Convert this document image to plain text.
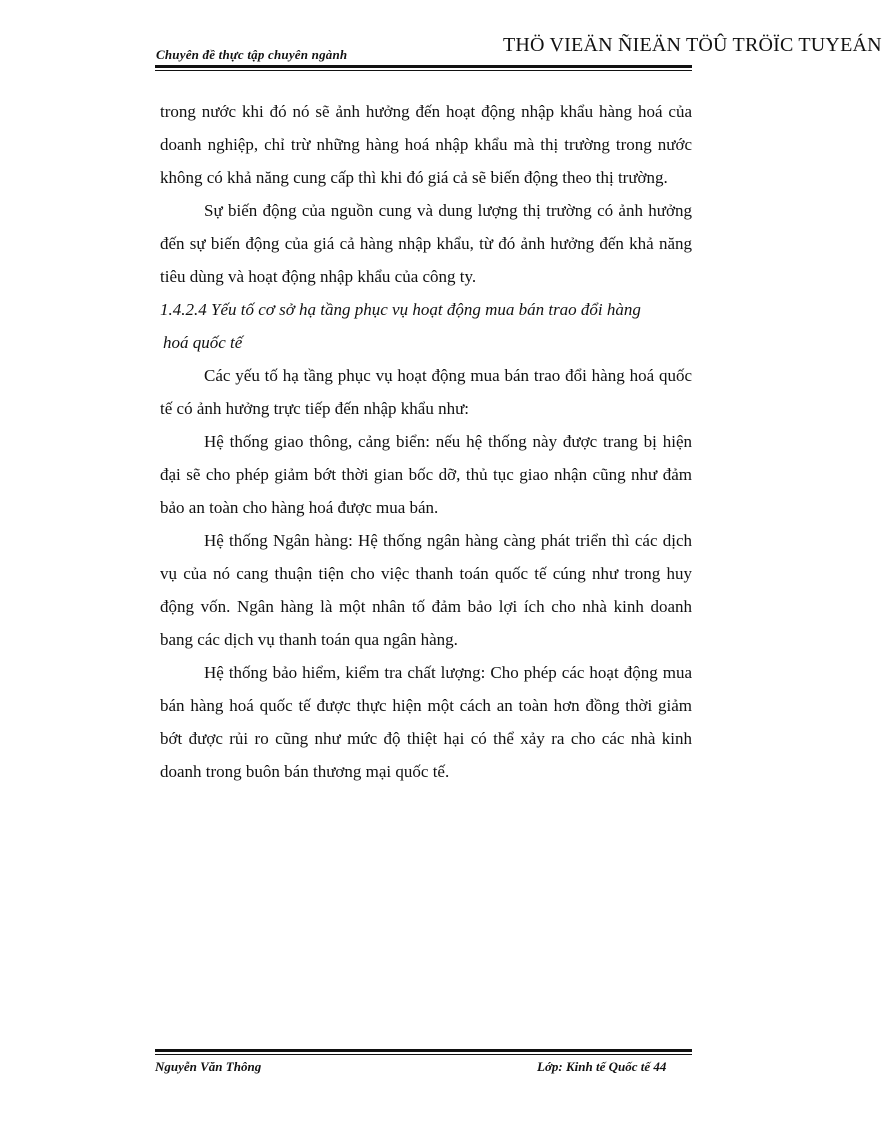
Chuyên đề thực tập chuyên ngành	THÖ VIEÄN ÑIEÄN TÖÛ TRÖÏC TUYEÁN

trong nước khi đó nó sẽ ảnh hưởng đến hoạt động nhập khẩu hàng hoá của doanh nghiệp, chỉ trừ những hàng hoá nhập khẩu mà thị trường trong nước không có khả năng cung cấp thì khi đó giá cả sẽ biến động theo thị trường.

Sự biến động của nguồn cung và dung lượng thị trường có ảnh hưởng đến sự biến động của giá cả hàng nhập khẩu, từ đó ảnh hưởng đến khả năng tiêu dùng và hoạt động nhập khẩu của công ty.

1.4.2.4 Yếu tố cơ sở hạ tầng phục vụ hoạt động mua bán trao đổi hàng
hoá quốc tế

Các yếu tố hạ tầng phục vụ hoạt động mua bán trao đổi hàng hoá quốc tế có ảnh hưởng trực tiếp đến nhập khẩu như:

Hệ thống giao thông, cảng biển: nếu hệ thống này được trang bị hiện đại sẽ cho phép giảm bớt thời gian bốc dỡ, thủ tục giao nhận cũng như đảm bảo an toàn cho hàng hoá được mua bán.

Hệ thống Ngân hàng: Hệ thống ngân hàng càng phát triển thì các dịch vụ của nó cang thuận tiện cho việc thanh toán quốc tế cúng như trong huy động vốn. Ngân hàng là một nhân tố đảm bảo lợi ích cho nhà kinh doanh bang các dịch vụ thanh toán qua ngân hàng.

Hệ thống bảo hiểm, kiểm tra chất lượng: Cho phép các hoạt động mua bán hàng hoá quốc tế được thực hiện một cách an toàn hơn đồng thời giảm bớt được rủi ro cũng như mức độ thiệt hại có thể xảy ra cho các nhà kinh doanh trong buôn bán thương mại quốc tế.

Nguyễn Văn Thông	Lớp: Kinh tế Quốc tế 44
